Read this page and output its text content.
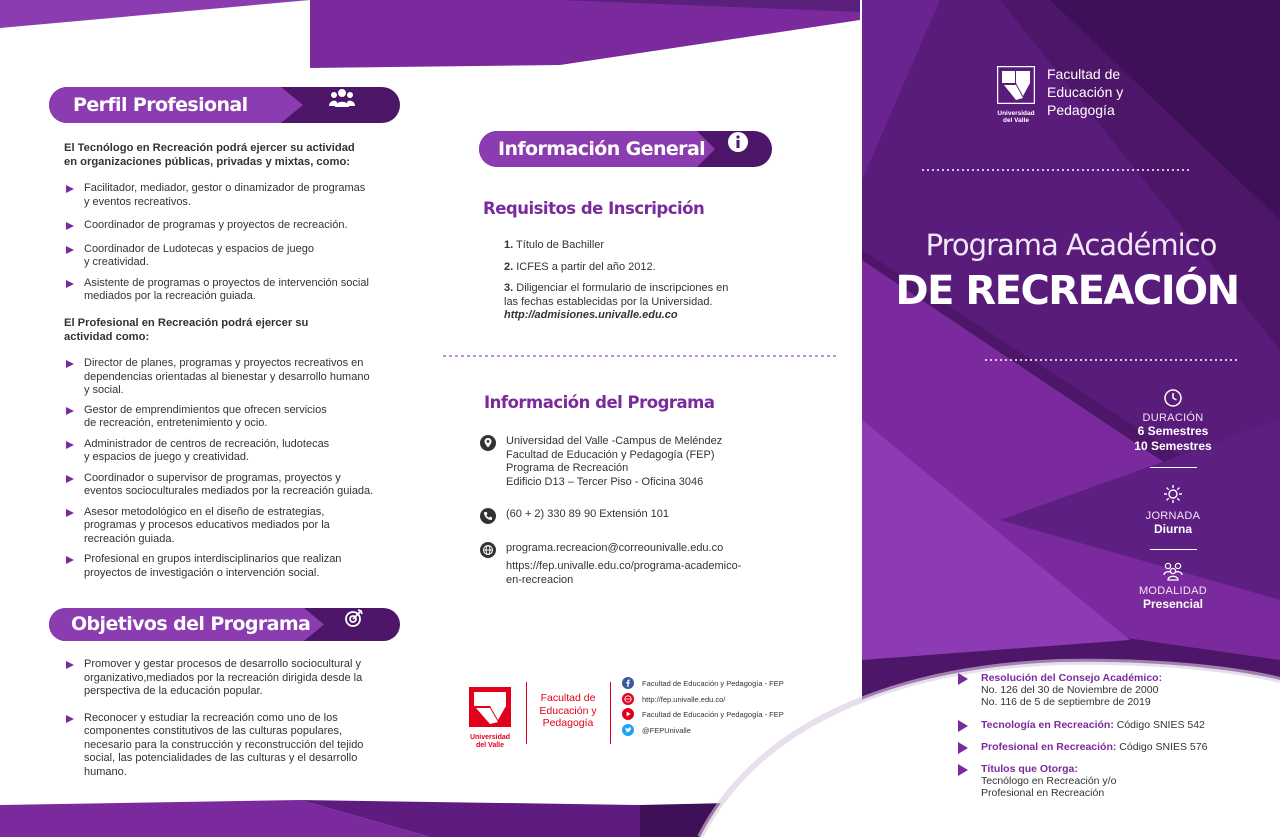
Perfil Profesional
El Tecnólogo en Recreación podrá ejercer su actividad
en organizaciones públicas, privadas y mixtas, como:
Facilitador, mediador, gestor o dinamizador de programas
y eventos recreativos.
Coordinador de programas y proyectos de recreación.
Coordinador de Ludotecas y espacios de juego
y creatividad.
Asistente de programas o proyectos de intervención social
mediados por la recreación guiada.
El Profesional en Recreación podrá ejercer su
actividad como:
Director de planes, programas y proyectos recreativos en
dependencias orientadas al bienestar y desarrollo humano
y social.
Gestor de emprendimientos que ofrecen servicios
de recreación, entretenimiento y ocio.
Administrador de centros de recreación, ludotecas
y espacios de juego y creatividad.
Coordinador o supervisor de programas, proyectos y
eventos socioculturales mediados por la recreación guiada.
Asesor metodológico en el diseño de estrategias,
programas y procesos educativos mediados por la
recreación guiada.
Profesional en grupos interdisciplinarios que realizan
proyectos de investigación o intervención social.
Objetivos del Programa
Promover y gestar procesos de desarrollo sociocultural y
organizativo,mediados por la recreación dirigida desde la
perspectiva de la educación popular.
Reconocer y estudiar la recreación como uno de los
componentes constitutivos de las culturas populares,
necesario para la construcción y reconstrucción del tejido
social, las potencialidades de las culturas y el desarrollo
humano.
Información General
Requisitos de Inscripción
1. Título de Bachiller
2. ICFES a partir del año 2012.
3. Diligenciar el formulario de inscripciones en
las fechas establecidas por la Universidad.
http://admisiones.univalle.edu.co
Información del Programa
Universidad del Valle -Campus de Meléndez
Facultad de Educación y Pedagogía (FEP)
Programa de Recreación
Edificio D13 – Tercer Piso - Oficina 3046
(60 + 2) 330 89 90 Extensión 101
programa.recreacion@correounivalle.edu.co
https://fep.univalle.edu.co/programa-academico-
en-recreacion
Universidad
del Valle
Facultad de
Educación y
Pedagogía
Facultad de Educación y Pedagogía - FEP
http://fep.univalle.edu.co/
Facultad de Educación y Pedagogía - FEP
@FEPUnivalle
Universidad
del Valle
Facultad de
Educación y
Pedagogía
Programa Académico
DE RECREACIÓN
DURACIÓN
6 Semestres
10 Semestres
JORNADA
Diurna
MODALIDAD
Presencial
Resolución del Consejo Académico:
No. 126 del 30 de Noviembre de 2000
No. 116 de 5 de septiembre de 2019
Tecnología en Recreación: Código SNIES 542
Profesional en Recreación: Código SNIES 576
Títulos que Otorga:
Tecnólogo en Recreación y/o
Profesional en Recreación
